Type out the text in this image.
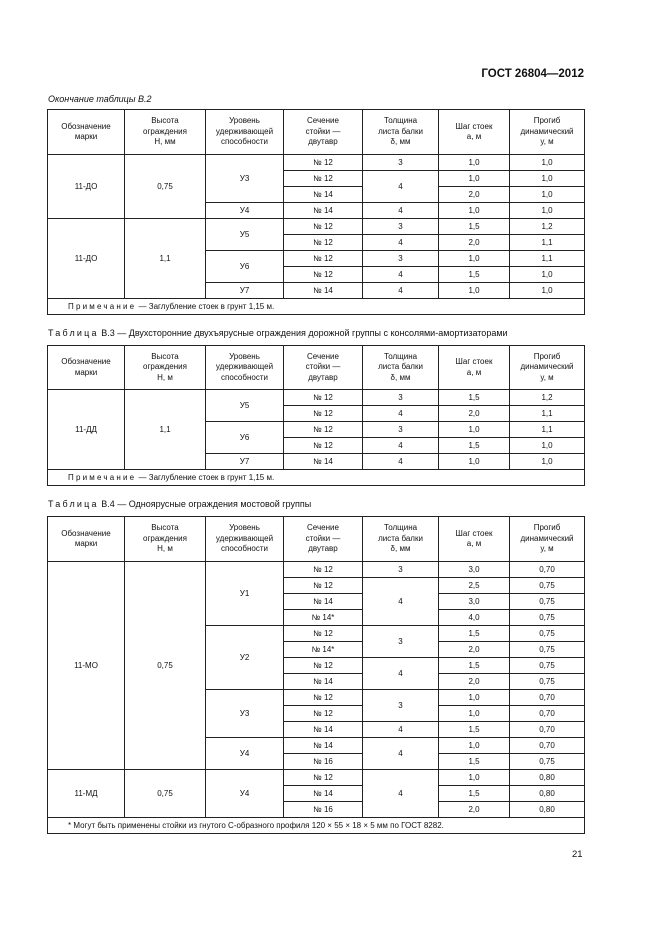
ГОСТ 26804—2012
Окончание таблицы В.2
Обозначение
марки	Высота
ограждения
H, мм	Уровень
удерживающей
способности	Сечение
стойки —
двутавр	Толщина
листа балки
δ, мм	Шаг стоек
a, м	Прогиб
динамический
y, м
11-ДО	0,75	У3	№ 12	3	1,0	1,0
			№ 12	4	1,0	1,0
			№ 14		2,0	1,0
		У4	№ 14	4	1,0	1,0
11-ДО	1,1	У5	№ 12	3	1,5	1,2
			№ 12	4	2,0	1,1
		У6	№ 12	3	1,0	1,1
			№ 12	4	1,5	1,0
		У7	№ 14	4	1,0	1,0
Примечание — Заглубление стоек в грунт 1,15 м.						
Таблица В.3 — Двухсторонние двухъярусные ограждения дорожной группы с консолями-амортизаторами
Обозначение
марки	Высота
ограждения
H, м	Уровень
удерживающей
способности	Сечение
стойки —
двутавр	Толщина
листа балки
δ, мм	Шаг стоек
a, м	Прогиб
динамический
y, м
11-ДД	1,1	У5	№ 12	3	1,5	1,2
			№ 12	4	2,0	1,1
		У6	№ 12	3	1,0	1,1
			№ 12	4	1,5	1,0
		У7	№ 14	4	1,0	1,0
Примечание — Заглубление стоек в грунт 1,15 м.						
Таблица В.4 — Одноярусные ограждения мостовой группы
Обозначение
марки	Высота
ограждения
H, м	Уровень
удерживающей
способности	Сечение
стойки —
двутавр	Толщина
листа балки
δ, мм	Шаг стоек
a, м	Прогиб
динамический
y, м
11-МО	0,75	У1	№ 12	3	3,0	0,70
			№ 12	4	2,5	0,75
			№ 14		3,0	0,75
			№ 14*		4,0	0,75
		У2	№ 12	3	1,5	0,75
			№ 14*		2,0	0,75
			№ 12	4	1,5	0,75
			№ 14		2,0	0,75
		У3	№ 12	3	1,0	0,70
			№ 12		1,0	0,70
			№ 14	4	1,5	0,70
		У4	№ 14	4	1,0	0,70
			№ 16		1,5	0,75
11-МД	0,75	У4	№ 12	4	1,0	0,80
			№ 14		1,5	0,80
			№ 16		2,0	0,80
* Могут быть применены стойки из гнутого С-образного профиля 120 × 55 × 18 × 5 мм по ГОСТ 8282.						
21
